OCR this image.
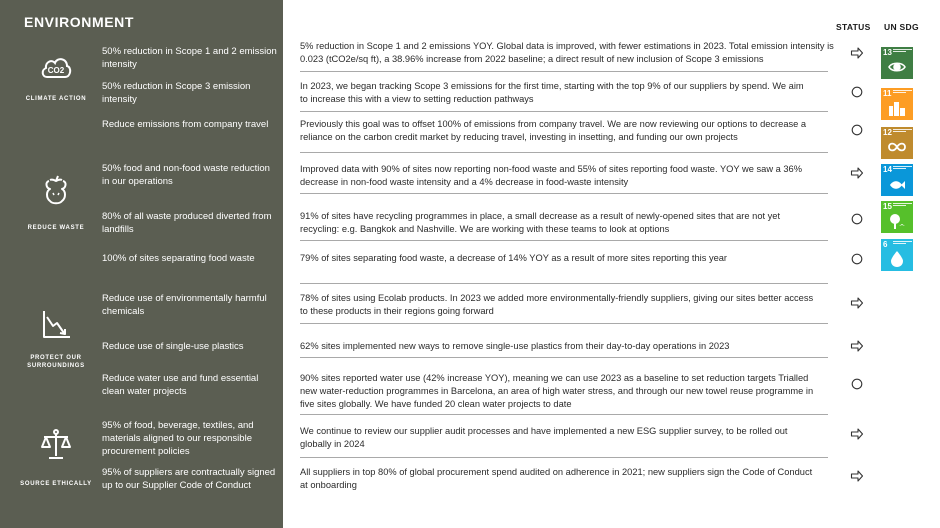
ENVIRONMENT
CO2
CLIMATE ACTION
REDUCE WASTE
PROTECT OUR SURROUNDINGS
SOURCE ETHICALLY
50% reduction in Scope 1 and 2 emission intensity
50% reduction in Scope 3 emission intensity
Reduce emissions from company travel
50% food and non-food waste reduction in our operations
80% of all waste produced diverted from landfills
100% of sites separating food waste
Reduce use of environmentally harmful chemicals
Reduce use of single-use plastics
Reduce water use and fund essential clean water projects
95% of food, beverage, textiles, and materials aligned to our responsible procurement policies
95% of suppliers are contractually signed up to our Supplier Code of Conduct
STATUS UN SDG
5% reduction in Scope 1 and 2 emissions YOY. Global data is improved, with fewer estimations in 2023. Total emission intensity is 0.023 (tCO2e/sq ft), a 38.96% increase from 2022 baseline; a direct result of new inclusion of Scope 3 emissions
In 2023, we began tracking Scope 3 emissions for the first time, starting with the top 9% of our suppliers by spend. We aim to increase this with a view to setting reduction pathways
Previously this goal was to offset 100% of emissions from company travel. We are now reviewing our options to decrease a reliance on the carbon credit market by reducing travel, investing in insetting, and funding our own projects
Improved data with 90% of sites now reporting non-food waste and 55% of sites reporting food waste. YOY we saw a 36% decrease in non-food waste intensity and a 4% decrease in food-waste intensity
91% of sites have recycling programmes in place, a small decrease as a result of newly-opened sites that are not yet recycling: e.g. Bangkok and Nashville. We are working with these teams to look at options
79% of sites separating food waste, a decrease of 14% YOY as a result of more sites reporting this year
78% of sites using Ecolab products. In 2023 we added more environmentally-friendly suppliers, giving our sites better access to these products in their regions going forward
62% sites implemented new ways to remove single-use plastics from their day-to-day operations in 2023
90% sites reported water use (42% increase YOY), meaning we can use 2023 as a baseline to set reduction targets Trialled new water-reduction programmes in Barcelona, an area of high water stress, and through our new towel reuse programme in five sites globally. We have funded 20 clean water projects to date
We continue to review our supplier audit processes and have implemented a new ESG supplier survey, to be rolled out globally in 2024
All suppliers in top 80% of global procurement spend audited on adherence in 2021; new suppliers sign the Code of Conduct at onboarding
13
11
12
14
15
6
